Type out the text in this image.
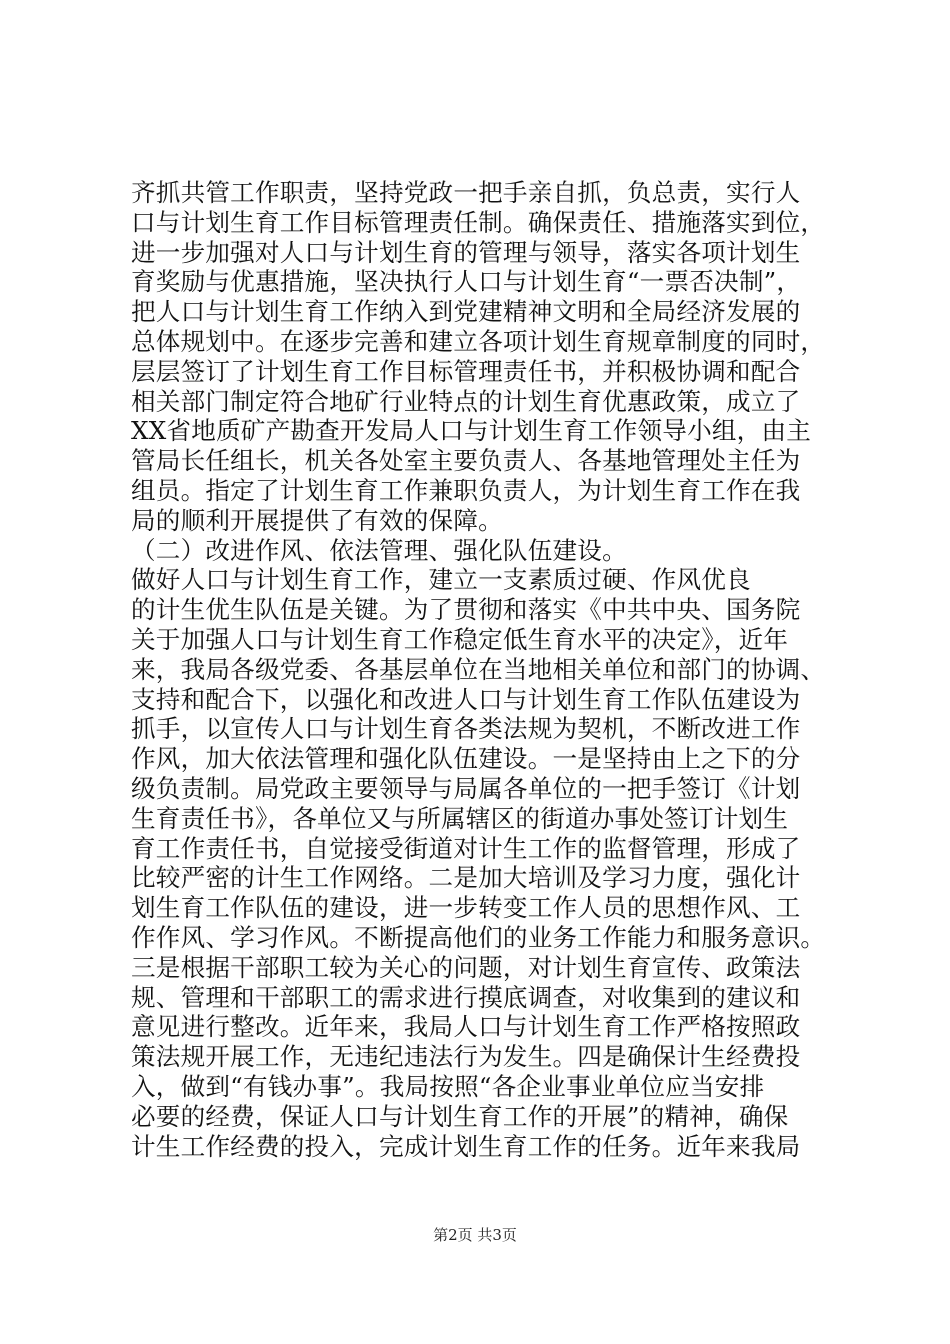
齐抓共管工作职责，坚持党政一把手亲自抓，负总责，实行人
口与计划生育工作目标管理责任制。确保责任、措施落实到位，
进一步加强对人口与计划生育的管理与领导，落实各项计划生
育奖励与优惠措施，坚决执行人口与计划生育“一票否决制”，
把人口与计划生育工作纳入到党建精神文明和全局经济发展的
总体规划中。在逐步完善和建立各项计划生育规章制度的同时，
层层签订了计划生育工作目标管理责任书，并积极协调和配合
相关部门制定符合地矿行业特点的计划生育优惠政策，成立了
XX省地质矿产勘查开发局人口与计划生育工作领导小组，由主
管局长任组长，机关各处室主要负责人、各基地管理处主任为
组员。指定了计划生育工作兼职负责人，为计划生育工作在我
局的顺利开展提供了有效的保障。
（二）改进作风、依法管理、强化队伍建设。
做好人口与计划生育工作，建立一支素质过硬、作风优良
的计生优生队伍是关键。为了贯彻和落实《中共中央、国务院
关于加强人口与计划生育工作稳定低生育水平的决定》，近年
来，我局各级党委、各基层单位在当地相关单位和部门的协调、
支持和配合下，以强化和改进人口与计划生育工作队伍建设为
抓手，以宣传人口与计划生育各类法规为契机，不断改进工作
作风，加大依法管理和强化队伍建设。一是坚持由上之下的分
级负责制。局党政主要领导与局属各单位的一把手签订《计划
生育责任书》，各单位又与所属辖区的街道办事处签订计划生
育工作责任书，自觉接受街道对计生工作的监督管理，形成了
比较严密的计生工作网络。二是加大培训及学习力度，强化计
划生育工作队伍的建设，进一步转变工作人员的思想作风、工
作作风、学习作风。不断提高他们的业务工作能力和服务意识。
三是根据干部职工较为关心的问题，对计划生育宣传、政策法
规、管理和干部职工的需求进行摸底调查，对收集到的建议和
意见进行整改。近年来，我局人口与计划生育工作严格按照政
策法规开展工作，无违纪违法行为发生。四是确保计生经费投
入，做到“有钱办事”。我局按照“各企业事业单位应当安排
必要的经费，保证人口与计划生育工作的开展”的精神，确保
计生工作经费的投入，完成计划生育工作的任务。近年来我局
第2页 共3页
